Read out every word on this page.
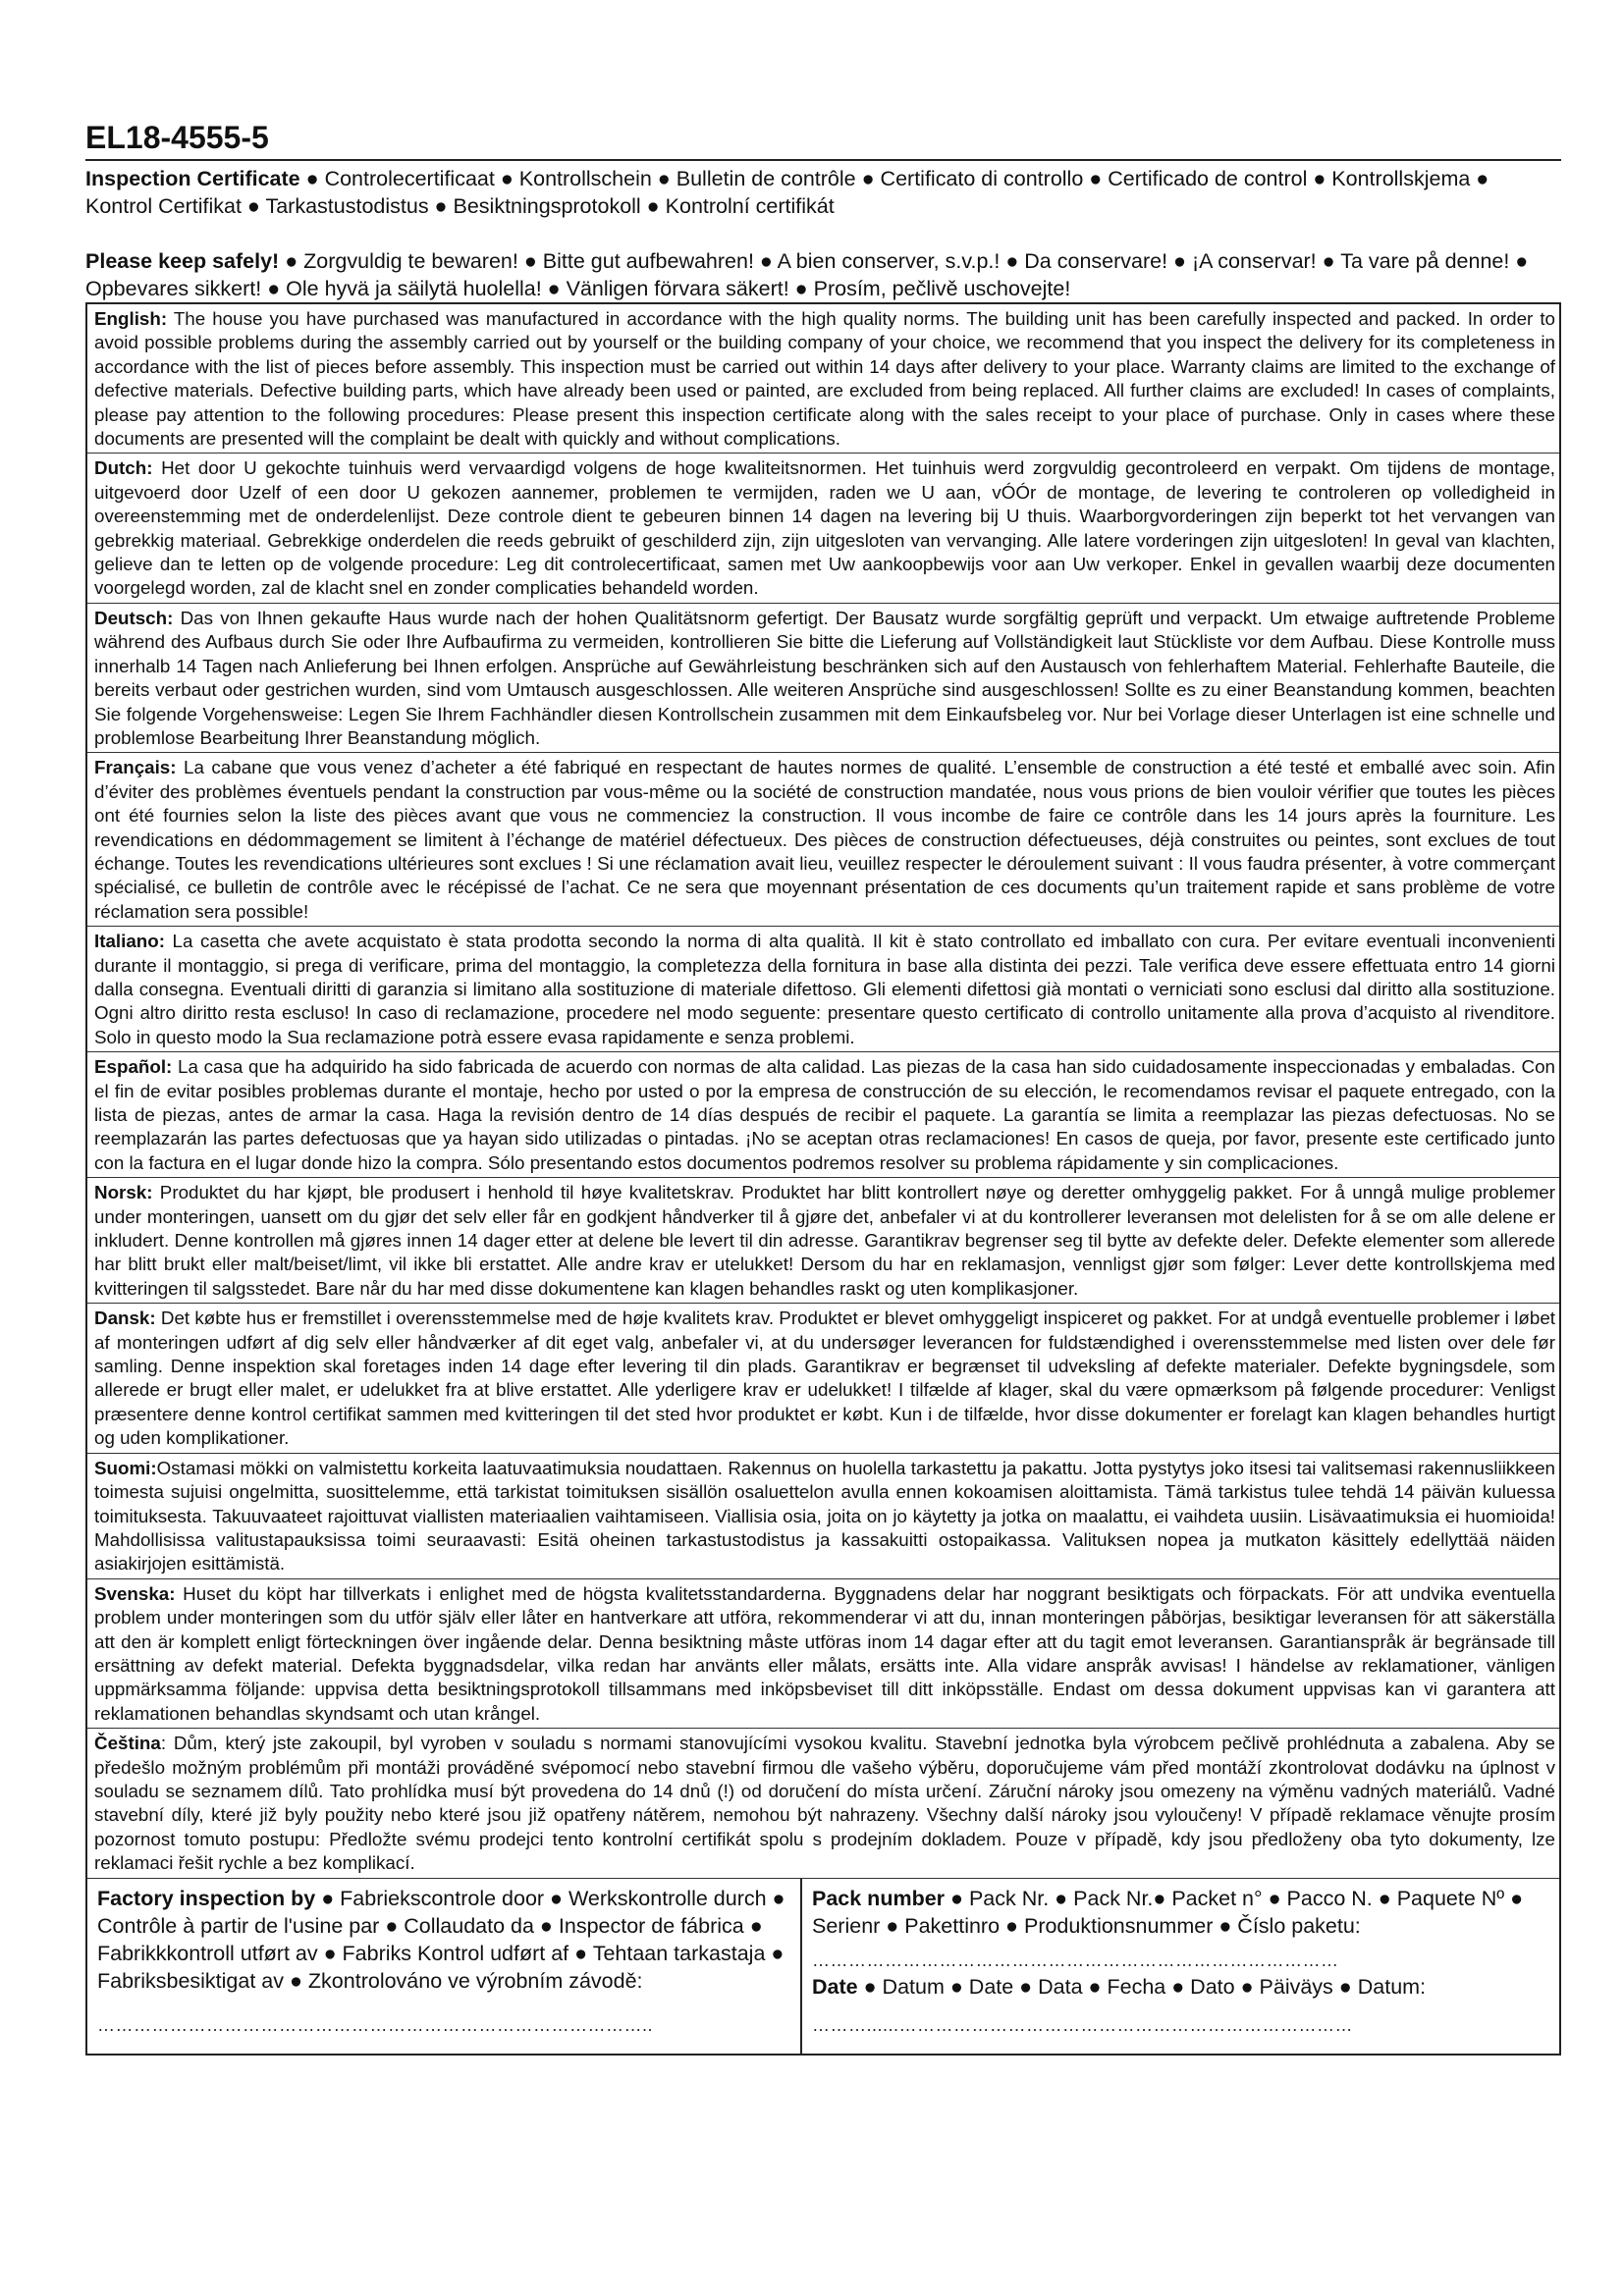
EL18-4555-5

Inspection Certificate ● Controlecertificaat ● Kontrollschein ● Bulletin de contrôle ● Certificato di controllo ● Certificado de control ● Kontrollskjema ● Kontrol Certifikat ● Tarkastustodistus ● Besiktningsprotokoll ● Kontrolní certifikát

Please keep safely! ● Zorgvuldig te bewaren! ● Bitte gut aufbewahren! ● A bien conserver, s.v.p.! ● Da conservare! ● ¡A conservar! ● Ta vare på denne! ● Opbevares sikkert! ● Ole hyvä ja säilytä huolella! ● Vänligen förvara säkert! ● Prosím, pečlivě uschovejte!

English: The house you have purchased was manufactured in accordance with the high quality norms. The building unit has been carefully inspected and packed. In order to avoid possible problems during the assembly carried out by yourself or the building company of your choice, we recommend that you inspect the delivery for its completeness in accordance with the list of pieces before assembly. This inspection must be carried out within 14 days after delivery to your place. Warranty claims are limited to the exchange of defective materials. Defective building parts, which have already been used or painted, are excluded from being replaced. All further claims are excluded! In cases of complaints, please pay attention to the following procedures: Please present this inspection certificate along with the sales receipt to your place of purchase. Only in cases where these documents are presented will the complaint be dealt with quickly and without complications.
Dutch: Het door U gekochte tuinhuis werd vervaardigd volgens de hoge kwaliteitsnormen. Het tuinhuis werd zorgvuldig gecontroleerd en verpakt. Om tijdens de montage, uitgevoerd door Uzelf of een door U gekozen aannemer, problemen te vermijden, raden we U aan, vÓÓr de montage, de levering te controleren op volledigheid in overeenstemming met de onderdelenlijst. Deze controle dient te gebeuren binnen 14 dagen na levering bij U thuis. Waarborgvorderingen zijn beperkt tot het vervangen van gebrekkig materiaal. Gebrekkige onderdelen die reeds gebruikt of geschilderd zijn, zijn uitgesloten van vervanging. Alle latere vorderingen zijn uitgesloten! In geval van klachten, gelieve dan te letten op de volgende procedure: Leg dit controlecertificaat, samen met Uw aankoopbewijs voor aan Uw verkoper. Enkel in gevallen waarbij deze documenten voorgelegd worden, zal de klacht snel en zonder complicaties behandeld worden.
Deutsch: Das von Ihnen gekaufte Haus wurde nach der hohen Qualitätsnorm gefertigt. Der Bausatz wurde sorgfältig geprüft und verpackt. Um etwaige auftretende Probleme während des Aufbaus durch Sie oder Ihre Aufbaufirma zu vermeiden, kontrollieren Sie bitte die Lieferung auf Vollständigkeit laut Stückliste vor dem Aufbau. Diese Kontrolle muss innerhalb 14 Tagen nach Anlieferung bei Ihnen erfolgen. Ansprüche auf Gewährleistung beschränken sich auf den Austausch von fehlerhaftem Material. Fehlerhafte Bauteile, die bereits verbaut oder gestrichen wurden, sind vom Umtausch ausgeschlossen. Alle weiteren Ansprüche sind ausgeschlossen! Sollte es zu einer Beanstandung kommen, beachten Sie folgende Vorgehensweise: Legen Sie Ihrem Fachhändler diesen Kontrollschein zusammen mit dem Einkaufsbeleg vor. Nur bei Vorlage dieser Unterlagen ist eine schnelle und problemlose Bearbeitung Ihrer Beanstandung möglich.
Français: La cabane que vous venez d’acheter a été fabriqué en respectant de hautes normes de qualité. L’ensemble de construction a été testé et emballé avec soin. Afin d’éviter des problèmes éventuels pendant la construction par vous-même ou la société de construction mandatée, nous vous prions de bien vouloir vérifier que toutes les pièces ont été fournies selon la liste des pièces avant que vous ne commenciez la construction. Il vous incombe de faire ce contrôle dans les 14 jours après la fourniture. Les revendications en dédommagement se limitent à l’échange de matériel défectueux. Des pièces de construction défectueuses, déjà construites ou peintes, sont exclues de tout échange. Toutes les revendications ultérieures sont exclues ! Si une réclamation avait lieu, veuillez respecter le déroulement suivant : Il vous faudra présenter, à votre commerçant spécialisé, ce bulletin de contrôle avec le récépissé de l’achat. Ce ne sera que moyennant présentation de ces documents qu’un traitement rapide et sans problème de votre réclamation sera possible!
Italiano: La casetta che avete acquistato è stata prodotta secondo la norma di alta qualità. Il kit è stato controllato ed imballato con cura. Per evitare eventuali inconvenienti durante il montaggio, si prega di verificare, prima del montaggio, la completezza della fornitura in base alla distinta dei pezzi. Tale verifica deve essere effettuata entro 14 giorni dalla consegna. Eventuali diritti di garanzia si limitano alla sostituzione di materiale difettoso. Gli elementi difettosi già montati o verniciati sono esclusi dal diritto alla sostituzione. Ogni altro diritto resta escluso! In caso di reclamazione, procedere nel modo seguente: presentare questo certificato di controllo unitamente alla prova d’acquisto al rivenditore. Solo in questo modo la Sua reclamazione potrà essere evasa rapidamente e senza problemi.
Español: La casa que ha adquirido ha sido fabricada de acuerdo con normas de alta calidad. Las piezas de la casa han sido cuidadosamente inspeccionadas y embaladas. Con el fin de evitar posibles problemas durante el montaje, hecho por usted o por la empresa de construcción de su elección, le recomendamos revisar el paquete entregado, con la lista de piezas, antes de armar la casa. Haga la revisión dentro de 14 días después de recibir el paquete. La garantía se limita a reemplazar las piezas defectuosas. No se reemplazarán las partes defectuosas que ya hayan sido utilizadas o pintadas. ¡No se aceptan otras reclamaciones! En casos de queja, por favor, presente este certificado junto con la factura en el lugar donde hizo la compra. Sólo presentando estos documentos podremos resolver su problema rápidamente y sin complicaciones.
Norsk: Produktet du har kjøpt, ble produsert i henhold til høye kvalitetskrav. Produktet har blitt kontrollert nøye og deretter omhyggelig pakket. For å unngå mulige problemer under monteringen, uansett om du gjør det selv eller får en godkjent håndverker til å gjøre det, anbefaler vi at du kontrollerer leveransen mot delelisten for å se om alle delene er inkludert. Denne kontrollen må gjøres innen 14 dager etter at delene ble levert til din adresse. Garantikrav begrenser seg til bytte av defekte deler. Defekte elementer som allerede har blitt brukt eller malt/beiset/limt, vil ikke bli erstattet. Alle andre krav er utelukket! Dersom du har en reklamasjon, vennligst gjør som følger: Lever dette kontrollskjema med kvitteringen til salgsstedet. Bare når du har med disse dokumentene kan klagen behandles raskt og uten komplikasjoner.
Dansk: Det købte hus er fremstillet i overensstemmelse med de høje kvalitets krav. Produktet er blevet omhyggeligt inspiceret og pakket. For at undgå eventuelle problemer i løbet af monteringen udført af dig selv eller håndværker af dit eget valg, anbefaler vi, at du undersøger leverancen for fuldstændighed i overensstemmelse med listen over dele før samling. Denne inspektion skal foretages inden 14 dage efter levering til din plads. Garantikrav er begrænset til udveksling af defekte materialer. Defekte bygningsdele, som allerede er brugt eller malet, er udelukket fra at blive erstattet. Alle yderligere krav er udelukket! I tilfælde af klager, skal du være opmærksom på følgende procedurer: Venligst præsentere denne kontrol certifikat sammen med kvitteringen til det sted hvor produktet er købt. Kun i de tilfælde, hvor disse dokumenter er forelagt kan klagen behandles hurtigt og uden komplikationer.
Suomi:Ostamasi mökki on valmistettu korkeita laatuvaatimuksia noudattaen. Rakennus on huolella tarkastettu ja pakattu. Jotta pystytys joko itsesi tai valitsemasi rakennusliikkeen toimesta sujuisi ongelmitta, suosittelemme, että tarkistat toimituksen sisällön osaluettelon avulla ennen kokoamisen aloittamista. Tämä tarkistus tulee tehdä 14 päivän kuluessa toimituksesta. Takuuvaateet rajoittuvat viallisten materiaalien vaihtamiseen. Viallisia osia, joita on jo käytetty ja jotka on maalattu, ei vaihdeta uusiin. Lisävaatimuksia ei huomioida! Mahdollisissa valitustapauksissa toimi seuraavasti: Esitä oheinen tarkastustodistus ja kassakuitti ostopaikassa. Valituksen nopea ja mutkaton käsittely edellyttää näiden asiakirjojen esittämistä.
Svenska: Huset du köpt har tillverkats i enlighet med de högsta kvalitetsstandarderna. Byggnadens delar har noggrant besiktigats och förpackats. För att undvika eventuella problem under monteringen som du utför själv eller låter en hantverkare att utföra, rekommenderar vi att du, innan monteringen påbörjas, besiktigar leveransen för att säkerställa att den är komplett enligt förteckningen över ingående delar. Denna besiktning måste utföras inom 14 dagar efter att du tagit emot leveransen. Garantianspråk är begränsade till ersättning av defekt material. Defekta byggnadsdelar, vilka redan har använts eller målats, ersätts inte. Alla vidare anspråk avvisas! I händelse av reklamationer, vänligen uppmärksamma följande: uppvisa detta besiktningsprotokoll tillsammans med inköpsbeviset till ditt inköpsställe. Endast om dessa dokument uppvisas kan vi garantera att reklamationen behandlas skyndsamt och utan krångel.
Čeština: Dům, který jste zakoupil, byl vyroben v souladu s normami stanovujícími vysokou kvalitu. Stavební jednotka byla výrobcem pečlivě prohlédnuta a zabalena. Aby se předešlo možným problémům při montáži prováděné svépomocí nebo stavební firmou dle vašeho výběru, doporučujeme vám před montáží zkontrolovat dodávku na úplnost v souladu se seznamem dílů. Tato prohlídka musí být provedena do 14 dnů (!) od doručení do místa určení. Záruční nároky jsou omezeny na výměnu vadných materiálů. Vadné stavební díly, které již byly použity nebo které jsou již opatřeny nátěrem, nemohou být nahrazeny. Všechny další nároky jsou vyloučeny! V případě reklamace věnujte prosím pozornost tomuto postupu: Předložte svému prodejci tento kontrolní certifikát spolu s prodejním dokladem. Pouze v případě, kdy jsou předloženy oba tyto dokumenty, lze reklamaci řešit rychle a bez komplikací.
Factory inspection by ● Fabriekscontrole door ● Werkskontrolle durch ● Contrôle à partir de l'usine par ● Collaudato da ● Inspector de fábrica ● Fabrikkkontroll utført av ● Fabriks Kontrol udført af ● Tehtaan tarkastaja ● Fabriksbesiktigat av ● Zkontrolováno ve výrobním závodě:
………………………………………………………………………………..
Pack number ● Pack Nr. ● Pack Nr.● Packet n° ● Pacco N. ● Paquete Nº ● Serienr ● Pakettinro ● Produktionsnummer ● Číslo paketu:
……………………………………………………………………………
Date ● Datum ● Date ● Data ● Fecha ● Dato ● Päiväys ● Datum:
………......…………………………………………………………………
